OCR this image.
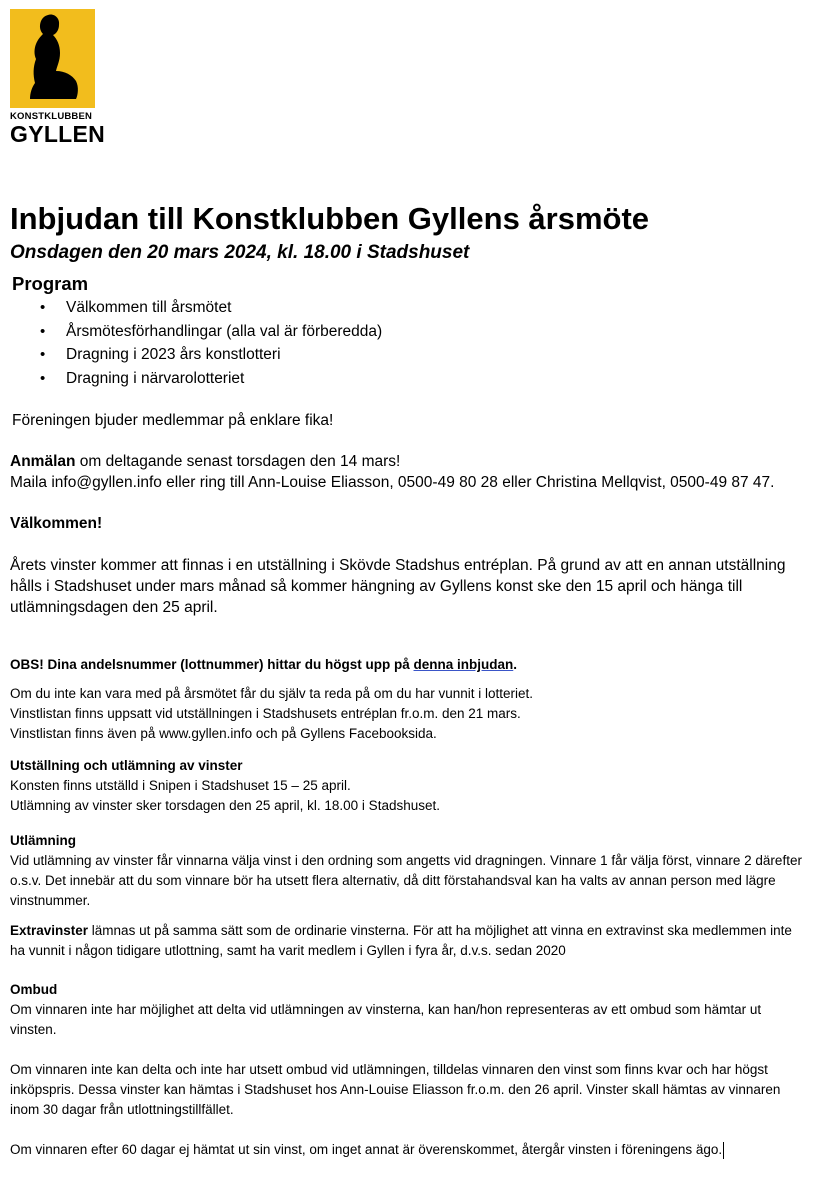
KONSTKLUBBEN
GYLLEN
Inbjudan till Konstklubben Gyllens årsmöte
Onsdagen den 20 mars 2024, kl. 18.00 i Stadshuset
Program
• Välkommen till årsmötet
• Årsmötesförhandlingar (alla val är förberedda)
• Dragning i 2023 års konstlotteri
• Dragning i närvarolotteriet

Föreningen bjuder medlemmar på enklare fika!

Anmälan om deltagande senast torsdagen den 14 mars!

Maila info@gyllen.info eller ring till Ann-Louise Eliasson, 0500-49 80 28 eller Christina Mellqvist, 0500-49 87 47.

Välkommen!

Årets vinster kommer att finnas i en utställning i Skövde Stadshus entréplan. På grund av att en annan utställning hålls i Stadshuset under mars månad så kommer hängning av Gyllens konst ske den 15 april och hänga till utlämningsdagen den 25 april.

________________________________________________________________________________

OBS! Dina andelsnummer (lottnummer) hittar du högst upp på denna inbjudan.

Om du inte kan vara med på årsmötet får du själv ta reda på om du har vunnit i lotteriet.

Vinstlistan finns uppsatt vid utställningen i Stadshusets entréplan fr.o.m. den 21 mars.

Vinstlistan finns även på www.gyllen.info och på Gyllens Facebooksida.

Utställning och utlämning av vinster

Konsten finns utställd i Snipen i Stadshuset 15 – 25 april.

Utlämning av vinster sker torsdagen den 25 april, kl. 18.00 i Stadshuset.

Utlämning

Vid utlämning av vinster får vinnarna välja vinst i den ordning som angetts vid dragningen. Vinnare 1 får välja först, vinnare 2 därefter o.s.v. Det innebär att du som vinnare bör ha utsett flera alternativ, då ditt förstahandsval kan ha valts av annan person med lägre vinstnummer.

Extravinster lämnas ut på samma sätt som de ordinarie vinsterna. För att ha möjlighet att vinna en extravinst ska medlemmen inte ha vunnit i någon tidigare utlottning, samt ha varit medlem i Gyllen i fyra år, d.v.s. sedan 2020

Ombud

Om vinnaren inte har möjlighet att delta vid utlämningen av vinsterna, kan han/hon representeras av ett ombud som hämtar ut vinsten.

Om vinnaren inte kan delta och inte har utsett ombud vid utlämningen, tilldelas vinnaren den vinst som finns kvar och har högst inköpspris. Dessa vinster kan hämtas i Stadshuset hos Ann-Louise Eliasson fr.o.m. den 26 april. Vinster skall hämtas av vinnaren inom 30 dagar från utlottningstillfället.

Om vinnaren efter 60 dagar ej hämtat ut sin vinst, om inget annat är överenskommet, återgår vinsten i föreningens ägo.
